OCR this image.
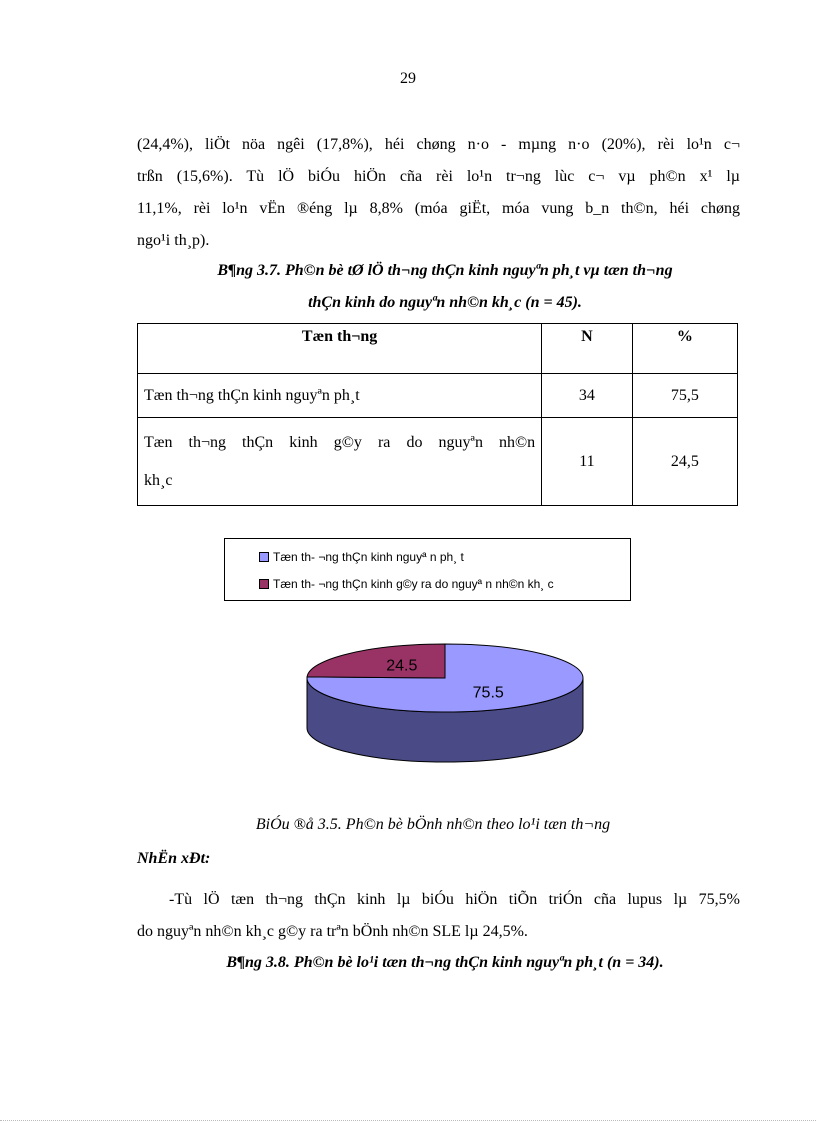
29
(24,4%), liÖt nöa ngêi (17,8%), héi chøng n·o - mµng n·o (20%), rèi lo¹n c¬
trßn (15,6%). Tù lÖ biÓu hiÖn cña rèi lo¹n tr¬ng lùc c¬ vµ ph©n x¹ lµ
11,1%, rèi lo¹n vËn ®éng lµ 8,8% (móa giËt, móa vung b_n th©n, héi chøng
ngo¹i th¸p).
B¶ng 3.7. Ph©n bè tØ lÖ th¬ng thÇn kinh nguyªn ph¸t vµ tæn th¬ng
thÇn kinh do nguyªn nh©n kh¸c (n = 45).
Tæn th¬ng	N	%
Tæn th¬ng thÇn kinh nguyªn ph¸t	34	75,5

Tæn th¬ng thÇn kinh g©y ra do nguyªn nh©n
kh¸c	11	24,5
Tæn th- ¬ng thÇn kinh nguyª n ph¸ t
Tæn th- ¬ng thÇn kinh g©y ra do nguyª n nh©n kh¸ c
75.5
24.5
BiÓu ®å 3.5. Ph©n bè bÖnh nh©n theo lo¹i tæn th¬ng
NhËn xÐt:
-Tù lÖ tæn th¬ng thÇn kinh lµ biÓu hiÖn tiÕn triÓn cña lupus lµ 75,5%
do nguyªn nh©n kh¸c g©y ra trªn bÖnh nh©n SLE lµ 24,5%.
B¶ng 3.8. Ph©n bè lo¹i tæn th¬ng thÇn kinh nguyªn ph¸t (n = 34).
